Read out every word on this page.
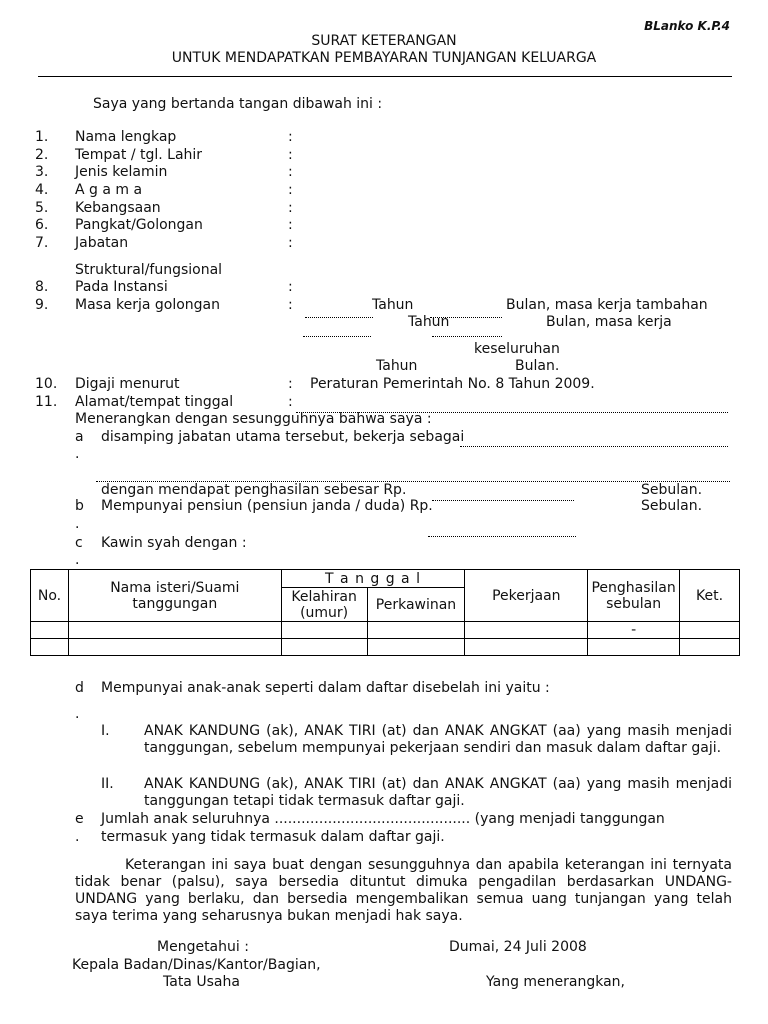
BLanko K.P.4
SURAT KETERANGAN
UNTUK MENDAPATKAN PEMBAYARAN TUNJANGAN KELUARGA
Saya yang bertanda tangan dibawah ini :
1. Nama lengkap	:
2. Tempat / tgl. Lahir	:
3. Jenis kelamin	:
4. A g a m a	:
5. Kebangsaan	:
6. Pangkat/Golongan	:
7. Jabatan	:
Struktural/fungsional
8. Pada Instansi	:
9. Masa kerja golongan	:	Tahun	Bulan, masa kerja tambahan
Tahun	Bulan, masa kerja
keseluruhan
Tahun	Bulan.
10. Digaji menurut	: Peraturan Pemerintah No. 8 Tahun 2009.
11. Alamat/tempat tinggal	:
Menerangkan dengan sesungguhnya bahwa saya :
a disamping jabatan utama tersebut, bekerja sebagai
.
dengan mendapat penghasilan sebesar Rp.	Sebulan.
b Mempunyai pensiun (pensiun janda / duda) Rp.	Sebulan.
.
c Kawin syah dengan :
.
No.	Nama isteri/Suami tanggungan	T a n g g a l		Pekerjaan	Penghasilan sebulan	Ket.
		Kelahiran (umur)	Perkawinan			
					-	

d Mempunyai anak-anak seperti dalam daftar disebelah ini yaitu :
.
I. ANAK KANDUNG (ak), ANAK TIRI (at) dan ANAK ANGKAT (aa) yang masih menjadi tanggungan, sebelum mempunyai pekerjaan sendiri dan masuk dalam daftar gaji.
II. ANAK KANDUNG (ak), ANAK TIRI (at) dan ANAK ANGKAT (aa) yang masih menjadi tanggungan tetapi tidak termasuk daftar gaji.
e Jumlah anak seluruhnya ............................................ (yang menjadi tanggungan
. termasuk yang tidak termasuk dalam daftar gaji.
Keterangan ini saya buat dengan sesungguhnya dan apabila keterangan ini ternyata tidak benar (palsu), saya bersedia dituntut dimuka pengadilan berdasarkan UNDANG-UNDANG yang berlaku, dan bersedia mengembalikan semua uang tunjangan yang telah saya terima yang seharusnya bukan menjadi hak saya.
Mengetahui :	Dumai, 24 Juli 2008
Kepala Badan/Dinas/Kantor/Bagian,
Tata Usaha	Yang menerangkan,
